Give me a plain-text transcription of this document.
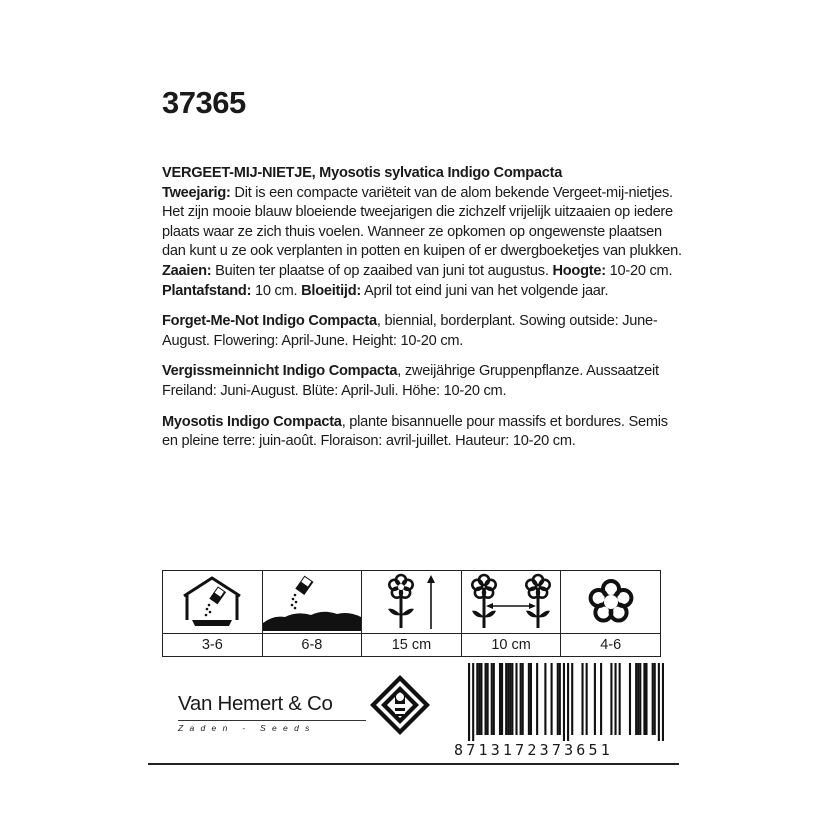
37365

VERGEET-MIJ-NIETJE, Myosotis sylvatica Indigo Compacta
Tweejarig: Dit is een compacte variëteit van de alom bekende Vergeet-mij-nietjes. Het zijn mooie blauw bloeiende tweejarigen die zichzelf vrijelijk uitzaaien op iedere plaats waar ze zich thuis voelen. Wanneer ze opkomen op ongewenste plaatsen dan kunt u ze ook verplanten in potten en kuipen of er dwergboeketjes van plukken.
Zaaien: Buiten ter plaatse of op zaaibed van juni tot augustus. Hoogte: 10-20 cm.
Plantafstand: 10 cm. Bloeitijd: April tot eind juni van het volgende jaar.

Forget-Me-Not Indigo Compacta, biennial, borderplant. Sowing outside: June-August. Flowering: April-June. Height: 10-20 cm.

Vergissmeinnicht Indigo Compacta, zweijährige Gruppenpflanze. Aussaatzeit Freiland: Juni-August. Blüte: April-Juli. Höhe: 10-20 cm.

Myosotis Indigo Compacta, plante bisannuelle pour massifs et bordures. Semis en pleine terre: juin-août. Floraison: avril-juillet. Hauteur: 10-20 cm.

3-6	6-8	15 cm	10 cm	4-6
Van Hemert & Co
Zaden - Seeds
8713172373651
